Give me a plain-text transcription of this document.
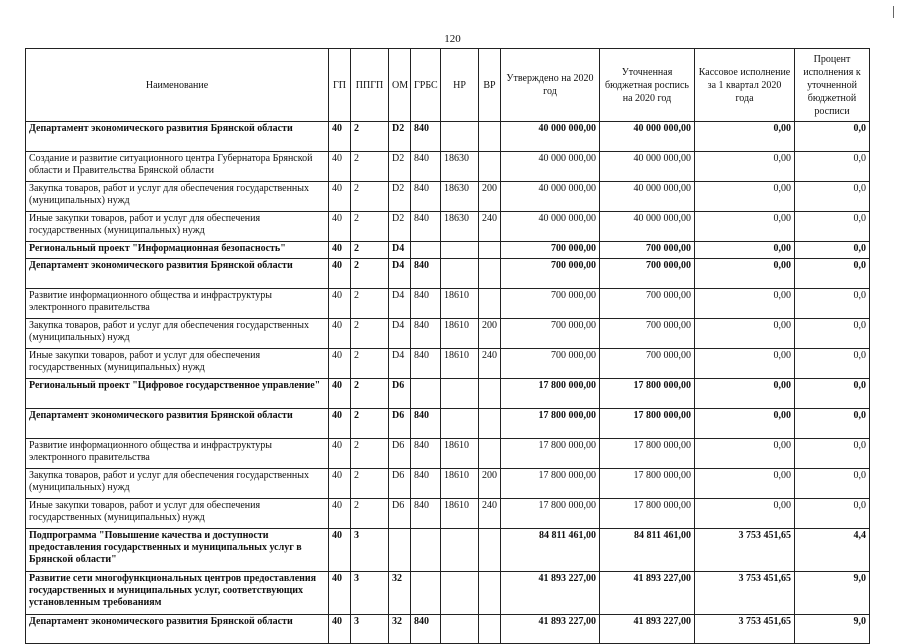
120
Наименование	ГП	ППГП	ОМ	ГРБС	НР	ВР	Утверждено на 2020 год	Уточненная бюджетная роспись на 2020 год	Кассовое исполнение за 1 квартал 2020 года	Процент исполнения к уточненной бюджетной росписи
Департамент экономического развития Брянской области	40	2	D2	840			40 000 000,00	40 000 000,00	0,00	0,0
Создание и развитие ситуационного центра Губернатора Брянской области и Правительства Брянской области	40	2	D2	840	18630		40 000 000,00	40 000 000,00	0,00	0,0
Закупка товаров, работ и услуг для обеспечения государственных (муниципальных) нужд	40	2	D2	840	18630	200	40 000 000,00	40 000 000,00	0,00	0,0
Иные закупки товаров, работ и услуг для обеспечения государственных (муниципальных) нужд	40	2	D2	840	18630	240	40 000 000,00	40 000 000,00	0,00	0,0
Региональный проект "Информационная безопасность"	40	2	D4				700 000,00	700 000,00	0,00	0,0
Департамент экономического развития Брянской области	40	2	D4	840			700 000,00	700 000,00	0,00	0,0
Развитие информационного общества и инфраструктуры электронного правительства	40	2	D4	840	18610		700 000,00	700 000,00	0,00	0,0
Закупка товаров, работ и услуг для обеспечения государственных (муниципальных) нужд	40	2	D4	840	18610	200	700 000,00	700 000,00	0,00	0,0
Иные закупки товаров, работ и услуг для обеспечения государственных (муниципальных) нужд	40	2	D4	840	18610	240	700 000,00	700 000,00	0,00	0,0
Региональный проект "Цифровое государственное управление"	40	2	D6				17 800 000,00	17 800 000,00	0,00	0,0
Департамент экономического развития Брянской области	40	2	D6	840			17 800 000,00	17 800 000,00	0,00	0,0
Развитие информационного общества и инфраструктуры электронного правительства	40	2	D6	840	18610		17 800 000,00	17 800 000,00	0,00	0,0
Закупка товаров, работ и услуг для обеспечения государственных (муниципальных) нужд	40	2	D6	840	18610	200	17 800 000,00	17 800 000,00	0,00	0,0
Иные закупки товаров, работ и услуг для обеспечения государственных (муниципальных) нужд	40	2	D6	840	18610	240	17 800 000,00	17 800 000,00	0,00	0,0
Подпрограмма "Повышение качества и доступности предоставления государственных и муниципальных услуг в Брянской области"	40	3					84 811 461,00	84 811 461,00	3 753 451,65	4,4
Развитие сети многофункциональных центров предоставления государственных и муниципальных услуг, соответствующих установленным требованиям	40	3	32				41 893 227,00	41 893 227,00	3 753 451,65	9,0
Департамент экономического развития Брянской области	40	3	32	840			41 893 227,00	41 893 227,00	3 753 451,65	9,0
